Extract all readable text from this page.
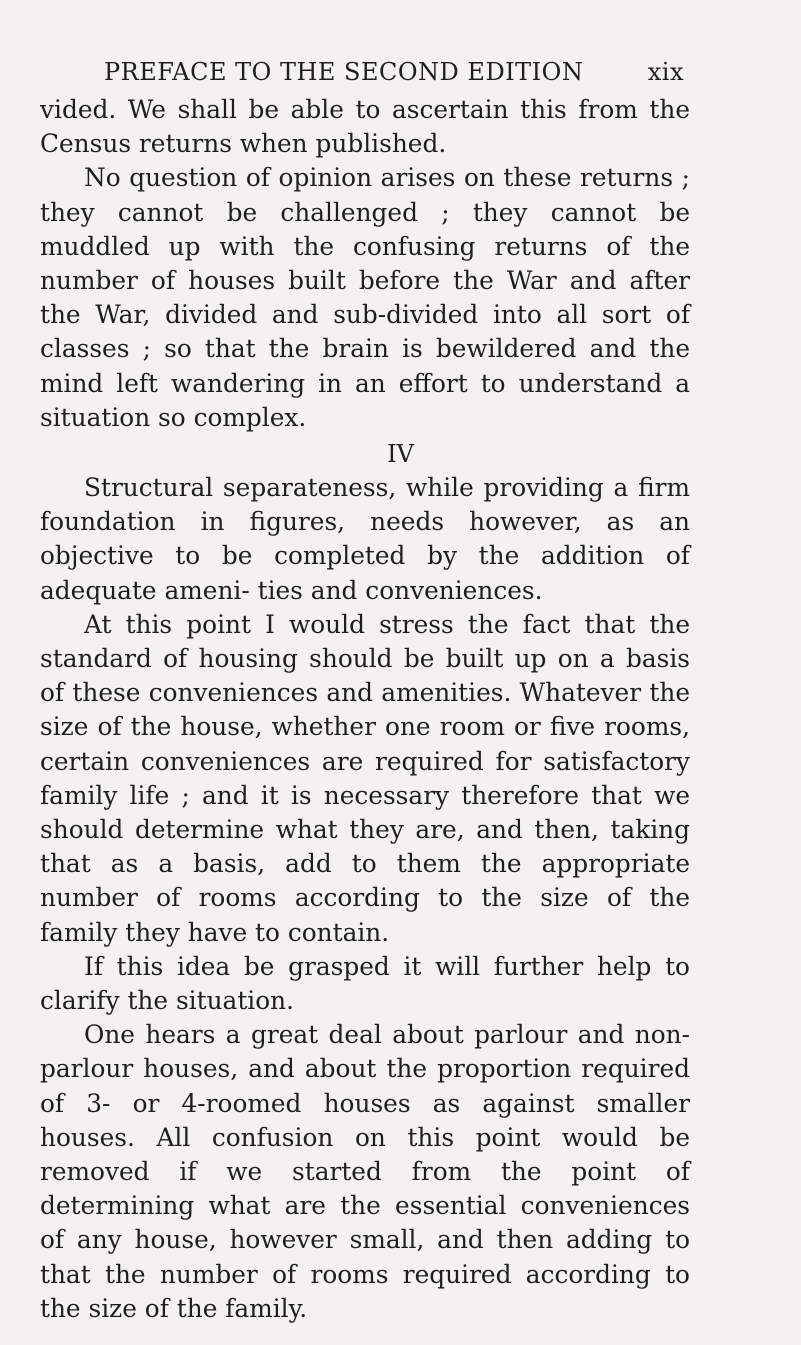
PREFACE TO THE SECOND EDITION	xix

vided. We shall be able to ascertain this from the Census returns when published.

No question of opinion arises on these returns ; they cannot be challenged ; they cannot be muddled up with the confusing returns of the number of houses built before the War and after the War, divided and sub-divided into all sort of classes ; so that the brain is bewildered and the mind left wandering in an effort to understand a situation so complex.

IV

Structural separateness, while providing a firm foundation in figures, needs however, as an objective to be completed by the addition of adequate ameni- ties and conveniences.

At this point I would stress the fact that the standard of housing should be built up on a basis of these conveniences and amenities. Whatever the size of the house, whether one room or five rooms, certain conveniences are required for satisfactory family life ; and it is necessary therefore that we should determine what they are, and then, taking that as a basis, add to them the appropriate number of rooms according to the size of the family they have to contain.

If this idea be grasped it will further help to clarify the situation.

One hears a great deal about parlour and non- parlour houses, and about the proportion required of 3- or 4-roomed houses as against smaller houses. All confusion on this point would be removed if we started from the point of determining what are the essential conveniences of any house, however small, and then adding to that the number of rooms required according to the size of the family.
